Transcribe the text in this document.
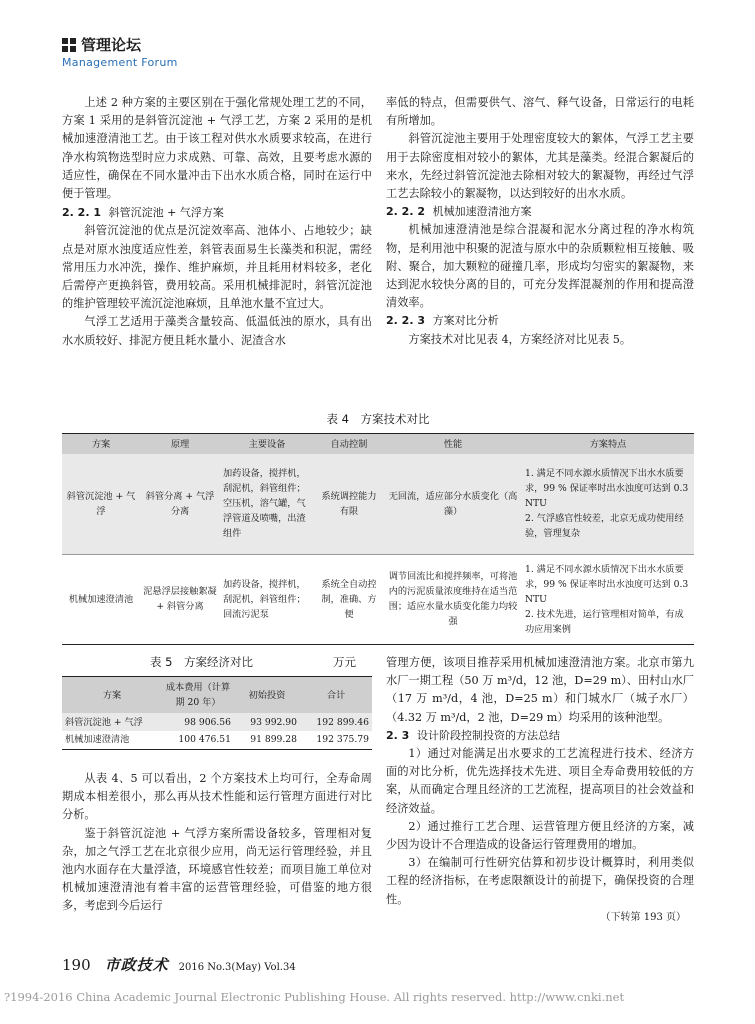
管理论坛
Management Forum

上述 2 种方案的主要区别在于强化常规处理工艺的不同，方案 1 采用的是斜管沉淀池 + 气浮工艺，方案 2 采用的是机械加速澄清池工艺。由于该工程对供水水质要求较高，在进行净水构筑物选型时应力求成熟、可靠、高效，且要考虑水源的适应性，确保在不同水量冲击下出水水质合格，同时在运行中便于管理。

2. 2. 1 斜管沉淀池 + 气浮方案

斜管沉淀池的优点是沉淀效率高、池体小、占地较少；缺点是对原水浊度适应性差，斜管表面易生长藻类和积泥，需经常用压力水冲洗，操作、维护麻烦，并且耗用材料较多，老化后需停产更换斜管，费用较高。采用机械排泥时，斜管沉淀池的维护管理较平流沉淀池麻烦，且单池水量不宜过大。

气浮工艺适用于藻类含量较高、低温低浊的原水，具有出水水质较好、排泥方便且耗水量小、泥渣含水

率低的特点，但需要供气、溶气、释气设备，日常运行的电耗有所增加。

斜管沉淀池主要用于处理密度较大的絮体，气浮工艺主要用于去除密度相对较小的絮体，尤其是藻类。经混合絮凝后的来水，先经过斜管沉淀池去除相对较大的絮凝物，再经过气浮工艺去除较小的絮凝物，以达到较好的出水水质。

2. 2. 2 机械加速澄清池方案

机械加速澄清池是综合混凝和泥水分离过程的净水构筑物，是利用池中积聚的泥渣与原水中的杂质颗粒相互接触、吸附、聚合，加大颗粒的碰撞几率，形成均匀密实的絮凝物，来达到泥水较快分离的目的，可充分发挥混凝剂的作用和提高澄清效率。

2. 2. 3 方案对比分析

方案技术对比见表 4，方案经济对比见表 5。

表 4　方案技术对比
方案	原理	主要设备	自动控制	性能	方案特点
斜管沉淀池 + 气浮	斜管分离 + 气浮分离	加药设备，搅拌机，刮泥机，斜管组件；空压机，溶气罐，气浮管道及喷嘴，出渣组件	系统调控能力有限	无回流，适应部分水质变化（高藻）	1. 满足不同水源水质情况下出水水质要求，99 % 保证率时出水浊度可达到 0.3 NTU
2. 气浮感官性较差，北京无成功使用经验，管理复杂
机械加速澄清池	泥悬浮层接触絮凝 + 斜管分离	加药设备，搅拌机，刮泥机，斜管组件；回流污泥泵	系统全自动控制，准确、方便	调节回流比和搅拌频率，可将池内的污泥质量浓度维持在适当范围；适应水量水质变化能力均较强	1. 满足不同水源水质情况下出水水质要求，99 % 保证率时出水浊度可达到 0.3 NTU
2. 技术先进，运行管理相对简单，有成功应用案例
表 5　方案经济对比	万元
方案	成本费用（计算期 20 年）	初始投资	合计
斜管沉淀池 + 气浮	98 906.56	93 992.90	192 899.46
机械加速澄清池	100 476.51	91 899.28	192 375.79

从表 4、5 可以看出，2 个方案技术上均可行，全寿命周期成本相差很小，那么再从技术性能和运行管理方面进行对比分析。

鉴于斜管沉淀池 + 气浮方案所需设备较多，管理相对复杂，加之气浮工艺在北京很少应用，尚无运行管理经验，并且池内水面存在大量浮渣，环境感官性较差；而项目施工单位对机械加速澄清池有着丰富的运营管理经验，可借鉴的地方很多，考虑到今后运行

管理方便，该项目推荐采用机械加速澄清池方案。北京市第九水厂一期工程（50 万 m³/d，12 池，D=29 m）、田村山水厂（17 万 m³/d，4 池，D=25 m）和门城水厂（城子水厂）（4.32 万 m³/d，2 池，D=29 m）均采用的该种池型。

2. 3 设计阶段控制投资的方法总结

1）通过对能满足出水要求的工艺流程进行技术、经济方面的对比分析，优先选择技术先进、项目全寿命费用较低的方案，从而确定合理且经济的工艺流程，提高项目的社会效益和经济效益。

2）通过推行工艺合理、运营管理方便且经济的方案，减少因为设计不合理造成的设备运行管理费用的增加。

3）在编制可行性研究估算和初步设计概算时，利用类似工程的经济指标，在考虑限额设计的前提下，确保投资的合理性。

（下转第 193 页）

190 市政技术 2016 No.3(May) Vol.34
?1994-2016 China Academic Journal Electronic Publishing House. All rights reserved. http://www.cnki.net
